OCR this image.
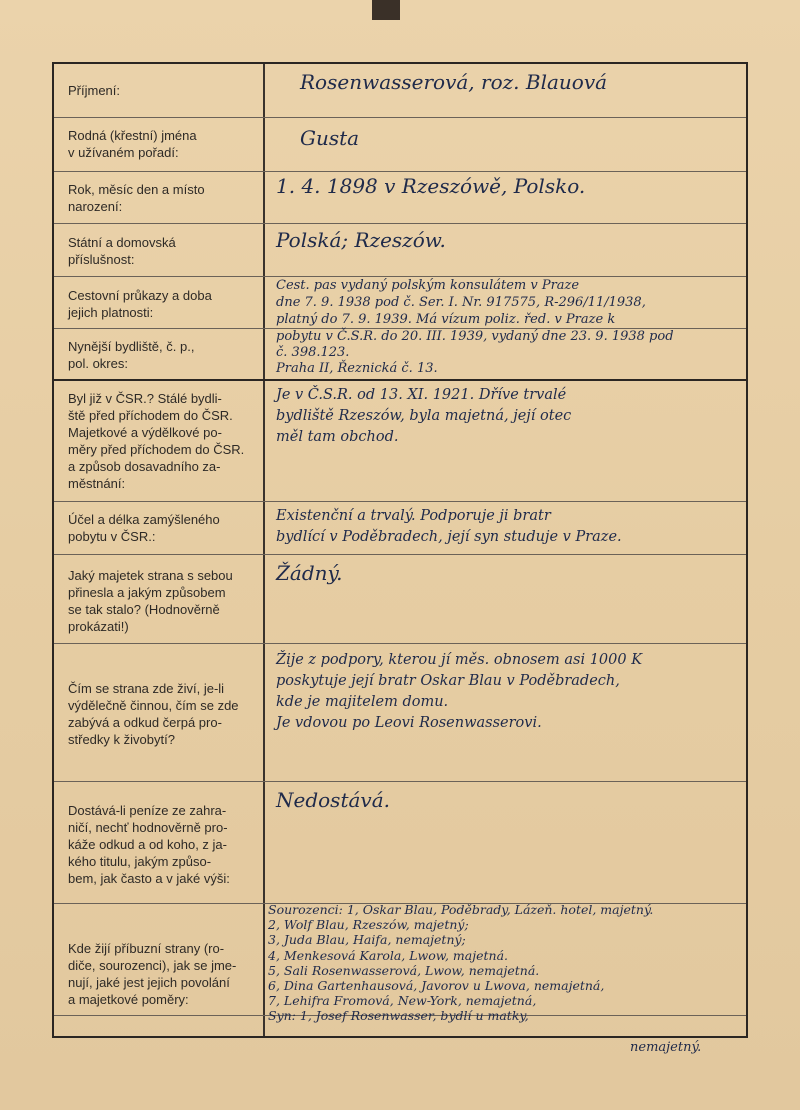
Příjmení:	Rosenwasserová, roz. Blauová
Rodná (křestní) jména
v užívaném pořadí:
Gusta
Rok, měsíc den a místo
narození:
1. 4. 1898 v Rzeszówě, Polsko.
Státní a domovská
příslušnost:
Polská; Rzeszów.
Cestovní průkazy a doba
jejich platnosti:
Cest. pas vydaný polským konsulátem v Praze
dne 7. 9. 1938 pod č. Ser. I. Nr. 917575, R-296/11/1938,
platný do 7. 9. 1939. Má vízum poliz. řed. v Praze k
Nynější bydliště, č. p.,
pol. okres:
pobytu v Č.S.R. do 20. III. 1939, vydaný dne 23. 9. 1938 pod
č. 398.123.
Praha II, Řeznická č. 13.
Byl již v ČSR.? Stálé bydli-
ště před příchodem do ČSR.
Majetkové a výdělkové po-
měry před příchodem do ČSR.
a způsob dosavadního za-
městnání:
Je v Č.S.R. od 13. XI. 1921. Dříve trvalé
bydliště Rzeszów, byla majetná, její otec
měl tam obchod.
Účel a délka zamýšleného
pobytu v ČSR.:
Existenční a trvalý. Podporuje ji bratr
bydlící v Poděbradech, její syn studuje v Praze.
Jaký majetek strana s sebou
přinesla a jakým způsobem
se tak stalo? (Hodnověrně
prokázati!)
Žádný.
Čím se strana zde živí, je-li
výdělečně činnou, čím se zde
zabývá a odkud čerpá pro-
středky k živobytí?
Žije z podpory, kterou jí měs. obnosem asi 1000 K
poskytuje její bratr Oskar Blau v Poděbradech,
kde je majitelem domu.
Je vdovou po Leovi Rosenwasserovi.
Dostává-li peníze ze zahra-
ničí, nechť hodnověrně pro-
káže odkud a od koho, z ja-
kého titulu, jakým způso-
bem, jak často a v jaké výši:
Nedostává.
Kde žijí příbuzní strany (ro-
diče, sourozenci), jak se jme-
nují, jaké jest jejich povolání
a majetkové poměry:
Sourozenci: 1, Oskar Blau, Poděbrady, Lázeň. hotel, majetný.
2, Wolf Blau, Rzeszów, majetný;
3, Juda Blau, Haifa, nemajetný;
4, Menkesová Karola, Lwow, majetná.
5, Sali Rosenwasserová, Lwow, nemajetná.
6, Dina Gartenhausová, Javorov u Lwova, nemajetná,
7, Lehifra Fromová, New-York, nemajetná,
Syn: 1, Josef Rosenwasser, bydlí u matky,
nemajetný.
